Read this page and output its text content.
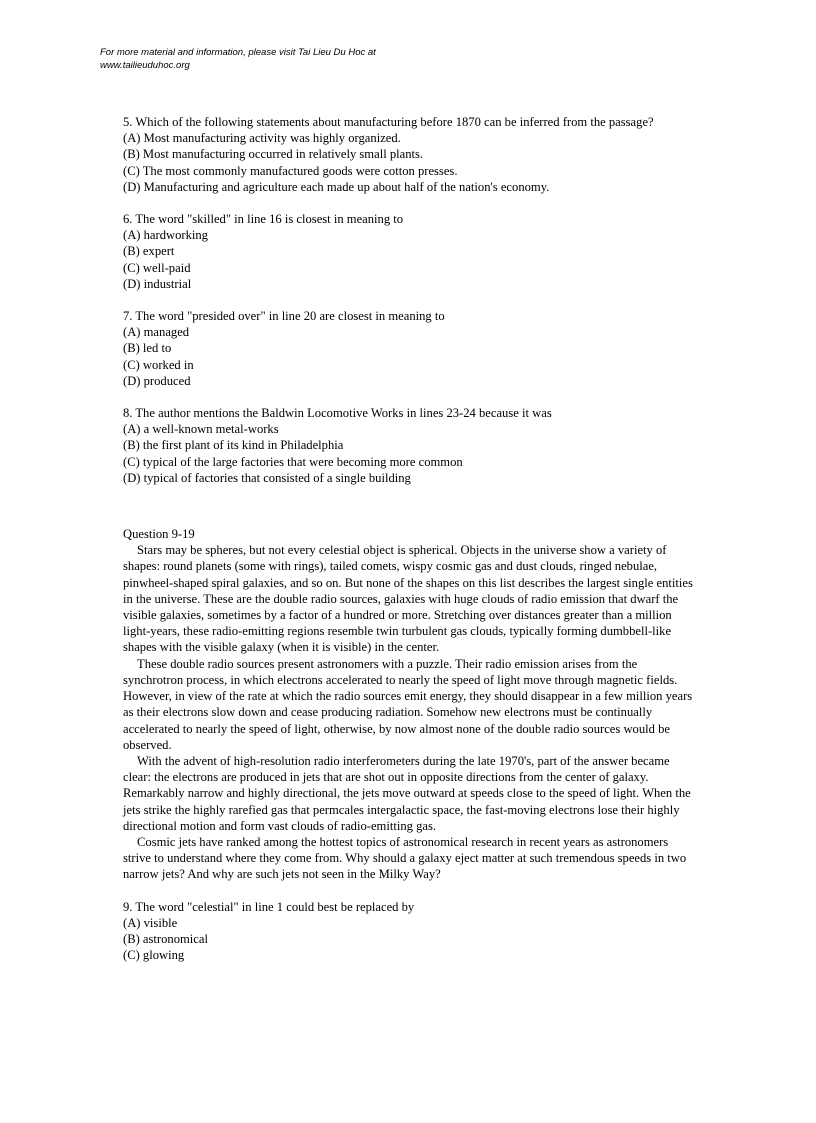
For more material and information, please visit Tai Lieu Du Hoc at
www.tailieuduhoc.org
5. Which of the following statements about manufacturing before 1870 can be inferred from the passage?
(A) Most manufacturing activity was highly organized.
(B) Most manufacturing occurred in relatively small plants.
(C) The most commonly manufactured goods were cotton presses.
(D) Manufacturing and agriculture each made up about half of the nation's economy.
6. The word "skilled" in line 16 is closest in meaning to
(A) hardworking
(B) expert
(C) well-paid
(D) industrial
7. The word "presided over" in line 20 are closest in meaning to
(A) managed
(B) led to
(C) worked in
(D) produced
8. The author mentions the Baldwin Locomotive Works in lines 23-24 because it was
(A) a well-known metal-works
(B) the first plant of its kind in Philadelphia
(C) typical of the large factories that were becoming more common
(D) typical of factories that consisted of a single building
Question 9-19

Stars may be spheres, but not every celestial object is spherical. Objects in the universe show a variety of shapes: round planets (some with rings), tailed comets, wispy cosmic gas and dust clouds, ringed nebulae, pinwheel-shaped spiral galaxies, and so on. But none of the shapes on this list describes the largest single entities in the universe. These are the double radio sources, galaxies with huge clouds of radio emission that dwarf the visible galaxies, sometimes by a factor of a hundred or more. Stretching over distances greater than a million light-years, these radio-emitting regions resemble twin turbulent gas clouds, typically forming dumbbell-like shapes with the visible galaxy (when it is visible) in the center.

These double radio sources present astronomers with a puzzle. Their radio emission arises from the synchrotron process, in which electrons accelerated to nearly the speed of light move through magnetic fields. However, in view of the rate at which the radio sources emit energy, they should disappear in a few million years as their electrons slow down and cease producing radiation. Somehow new electrons must be continually accelerated to nearly the speed of light, otherwise, by now almost none of the double radio sources would be observed.

With the advent of high-resolution radio interferometers during the late 1970's, part of the answer became clear: the electrons are produced in jets that are shot out in opposite directions from the center of galaxy. Remarkably narrow and highly directional, the jets move outward at speeds close to the speed of light. When the jets strike the highly rarefied gas that permcales intergalactic space, the fast-moving electrons lose their highly directional motion and form vast clouds of radio-emitting gas.

Cosmic jets have ranked among the hottest topics of astronomical research in recent years as astronomers strive to understand where they come from. Why should a galaxy eject matter at such tremendous speeds in two narrow jets? And why are such jets not seen in the Milky Way?

9. The word "celestial" in line 1 could best be replaced by
(A) visible
(B) astronomical
(C) glowing
